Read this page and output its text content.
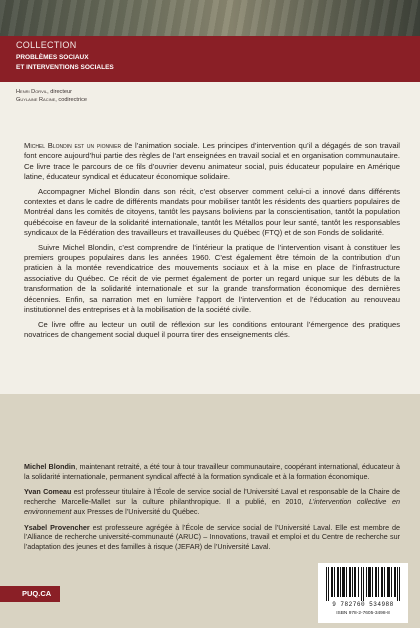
COLLECTION
PROBLÈMES SOCIAUX
ET INTERVENTIONS SOCIALES
Henri Dorvil, directeur
Guylaine Racine, codirectrice

Michel Blondin est un pionnier de l’animation sociale. Les principes d’intervention qu’il a dégagés de son travail font encore aujourd’hui partie des règles de l’art enseignées en travail social et en organisation communautaire. Ce livre trace le parcours de ce fils d’ouvrier devenu animateur social, puis éducateur populaire en Amérique latine, éducateur syndical et éducateur économique solidaire.

Accompagner Michel Blondin dans son récit, c’est observer comment celui-ci a innové dans différents contextes et dans le cadre de différents mandats pour mobiliser tantôt les résidents des quartiers populaires de Montréal dans les comités de citoyens, tantôt les paysans boliviens par la conscientisation, tantôt la population québécoise en faveur de la solidarité internationale, tantôt les Métallos pour leur santé, tantôt les responsables syndicaux de la Fédération des travailleurs et travailleuses du Québec (FTQ) et de son Fonds de solidarité.

Suivre Michel Blondin, c’est comprendre de l’intérieur la pratique de l’intervention visant à constituer les premiers groupes populaires dans les années 1960. C’est également être témoin de la contribution d’un praticien à la montée revendicatrice des mouvements sociaux et à la mise en place de l’infrastructure associative du Québec. Ce récit de vie permet également de porter un regard unique sur les débuts de la transformation de la solidarité internationale et sur la grande transformation économique des dernières décennies. Enfin, sa narration met en lumière l’apport de l’intervention et de l’éducation au renouveau institutionnel des entreprises et à la mobilisation de la société civile.

Ce livre offre au lecteur un outil de réflexion sur les conditions entourant l’émergence des pratiques novatrices de changement social duquel il pourra tirer des enseignements clés.

Michel Blondin, maintenant retraité, a été tour à tour travailleur communautaire, coopérant international, éducateur à la solidarité internationale, permanent syndical affecté à la formation syndicale et à la formation économique.

Yvan Comeau est professeur titulaire à l’École de service social de l’Université Laval et responsable de la Chaire de recherche Marcelle-Mallet sur la culture philanthropique. Il a publié, en 2010, L’intervention collective en environnement aux Presses de l’Université du Québec.

Ysabel Provencher est professeure agrégée à l’École de service social de l’Université Laval. Elle est membre de l’Alliance de recherche université-communauté (ARUC) – Innovations, travail et emploi et du Centre de recherche sur l’adaptation des jeunes et des familles à risque (JEFAR) de l’Université Laval.

PUQ.CA
9 782760 534988
ISBN 978-2-7605-3498-8
